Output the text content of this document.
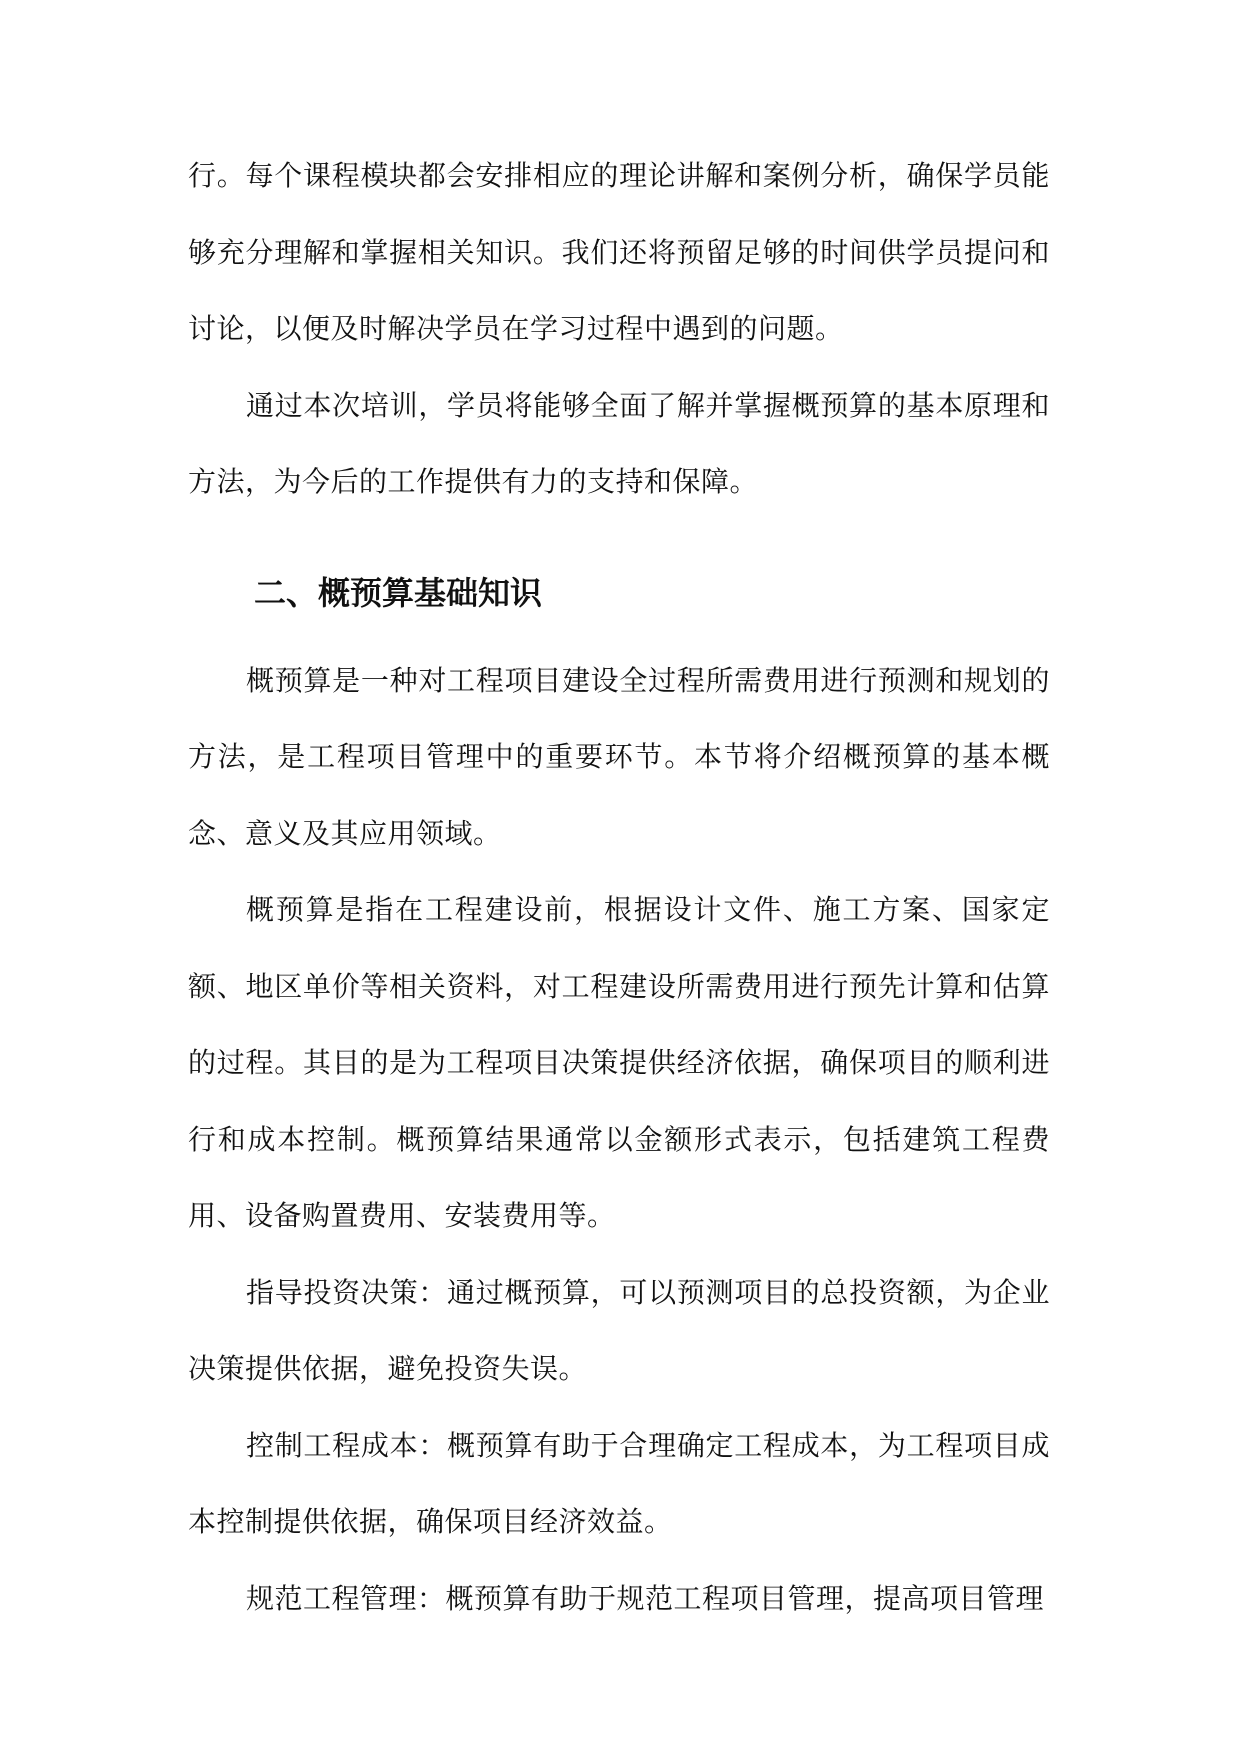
行。每个课程模块都会安排相应的理论讲解和案例分析，确保学员能够充分理解和掌握相关知识。我们还将预留足够的时间供学员提问和讨论，以便及时解决学员在学习过程中遇到的问题。

通过本次培训，学员将能够全面了解并掌握概预算的基本原理和方法，为今后的工作提供有力的支持和保障。

二、概预算基础知识

概预算是一种对工程项目建设全过程所需费用进行预测和规划的方法，是工程项目管理中的重要环节。本节将介绍概预算的基本概念、意义及其应用领域。

概预算是指在工程建设前，根据设计文件、施工方案、国家定额、地区单价等相关资料，对工程建设所需费用进行预先计算和估算的过程。其目的是为工程项目决策提供经济依据，确保项目的顺利进行和成本控制。概预算结果通常以金额形式表示，包括建筑工程费用、设备购置费用、安装费用等。

指导投资决策：通过概预算，可以预测项目的总投资额，为企业决策提供依据，避免投资失误。

控制工程成本：概预算有助于合理确定工程成本，为工程项目成本控制提供依据，确保项目经济效益。

规范工程管理：概预算有助于规范工程项目管理，提高项目管理
